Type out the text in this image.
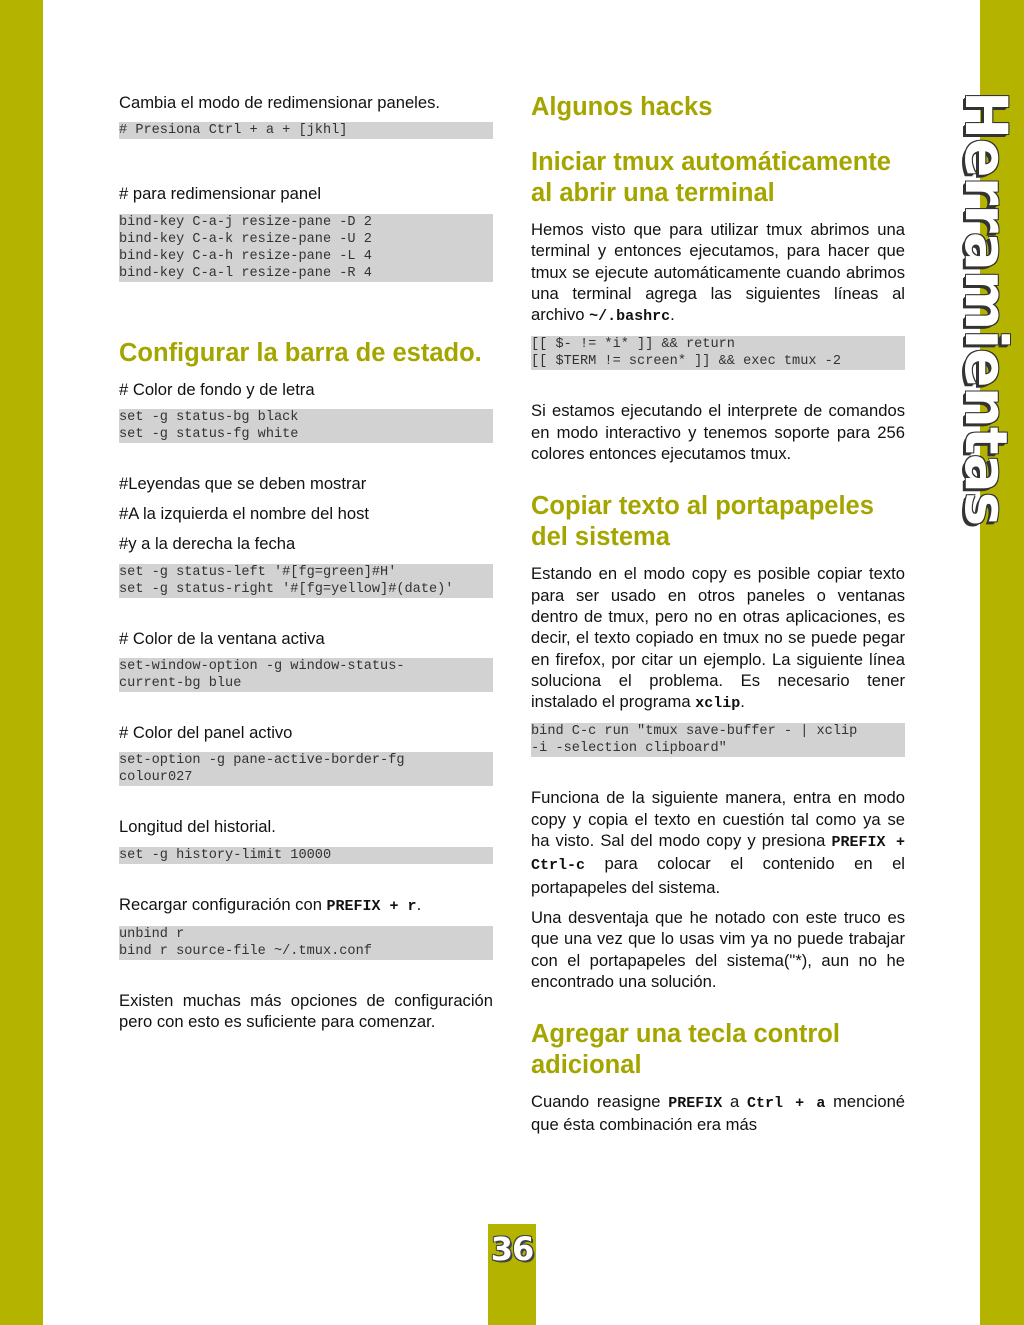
Herramientas

Cambia el modo de redimensionar paneles.

# Presiona Ctrl + a + [jkhl]

# para redimensionar panel

bind-key C-a-j resize-pane -D 2
bind-key C-a-k resize-pane -U 2
bind-key C-a-h resize-pane -L 4
bind-key C-a-l resize-pane -R 4
Configurar la barra de estado.

# Color de fondo y de letra

set -g status-bg black
set -g status-fg white

#Leyendas que se deben mostrar

#A la izquierda el nombre del host

#y a la derecha la fecha

set -g status-left '#[fg=green]#H'
set -g status-right '#[fg=yellow]#(date)'

# Color de la ventana activa

set-window-option -g window-status-
current-bg blue

# Color del panel activo

set-option -g pane-active-border-fg
colour027

Longitud del historial.

set -g history-limit 10000

Recargar configuración con PREFIX + r.

unbind r
bind r source-file ~/.tmux.conf

Existen muchas más opciones de configuración pero con esto es suficiente para comenzar.

Algunos hacks
Iniciar tmux automáticamente al abrir una terminal

Hemos visto que para utilizar tmux abrimos una terminal y entonces ejecutamos, para hacer que tmux se ejecute automáticamente cuando abrimos una terminal agrega las siguientes líneas al archivo ~/.bashrc.

[[ $- != *i* ]] && return
[[ $TERM != screen* ]] && exec tmux -2

Si estamos ejecutando el interprete de comandos en modo interactivo y tenemos soporte para 256 colores entonces ejecutamos tmux.

Copiar texto al portapapeles del sistema

Estando en el modo copy es posible copiar texto para ser usado en otros paneles o ventanas dentro de tmux, pero no en otras aplicaciones, es decir, el texto copiado en tmux no se puede pegar en firefox, por citar un ejemplo. La siguiente línea soluciona el problema. Es necesario tener instalado el programa xclip.

bind C-c run "tmux save-buffer - | xclip
-i -selection clipboard"

Funciona de la siguiente manera, entra en modo copy y copia el texto en cuestión tal como ya se ha visto. Sal del modo copy y presiona PREFIX + Ctrl-c para colocar el contenido en el portapapeles del sistema.

Una desventaja que he notado con este truco es que una vez que lo usas vim ya no puede trabajar con el portapapeles del sistema("*), aun no he encontrado una solución.

Agregar una tecla control adicional

Cuando reasigne PREFIX a Ctrl + a mencioné que ésta combinación era más

36
